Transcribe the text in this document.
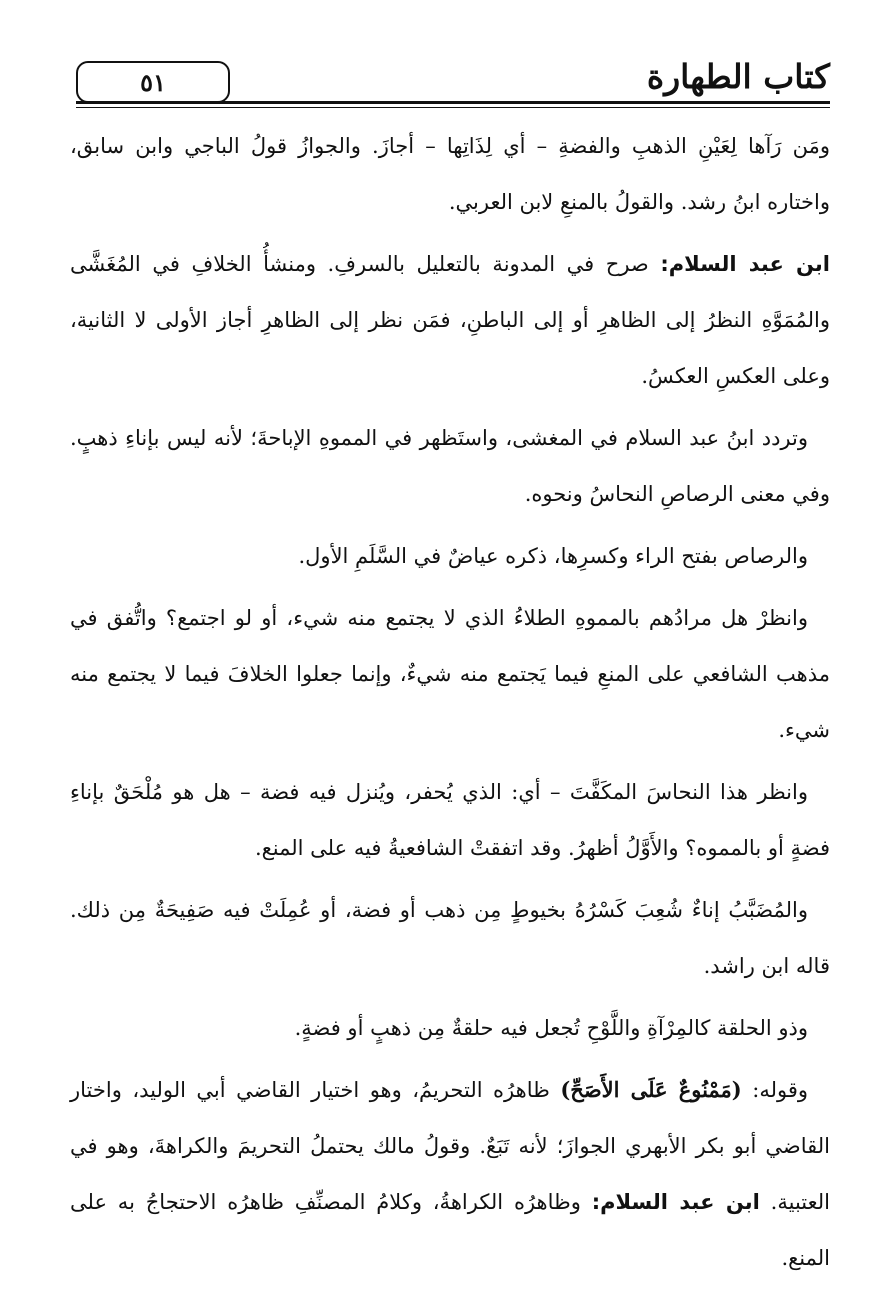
٥١	كتاب الطهارة

ومَن رَآها لِعَيْنِ الذهبِ والفضةِ – أي لِذَاتِها – أجازَ. والجوازُ قولُ الباجي وابن سابق، واختاره ابنُ رشد. والقولُ بالمنعِ لابن العربي.

ابن عبد السلام: صرح في المدونة بالتعليل بالسرفِ. ومنشأُ الخلافِ في المُغَشَّى والمُمَوَّهِ النظرُ إلى الظاهرِ أو إلى الباطنِ، فمَن نظر إلى الظاهرِ أجاز الأولى لا الثانية، وعلى العكسِ العكسُ.

وتردد ابنُ عبد السلام في المغشى، واستَظهر في المموهِ الإباحةَ؛ لأنه ليس بإناءِ ذهبٍ. وفي معنى الرصاصِ النحاسُ ونحوه.

والرصاص بفتح الراء وكسرِها، ذكره عياضٌ في السَّلَمِ الأول.

وانظرْ هل مرادُهم بالمموهِ الطلاءُ الذي لا يجتمع منه شيء، أو لو اجتمع؟ واتُّفق في مذهب الشافعي على المنعِ فيما يَجتمع منه شيءٌ، وإنما جعلوا الخلافَ فيما لا يجتمع منه شيء.

وانظر هذا النحاسَ المكَفَّتَ – أي: الذي يُحفر، ويُنزل فيه فضة – هل هو مُلْحَقٌ بإناءِ فضةٍ أو بالمموه؟ والأَوَّلُ أظهرُ. وقد اتفقتْ الشافعيةُ فيه على المنع.

والمُضَبَّبُ إناءٌ شُعِبَ كَسْرُهُ بخيوطٍ مِن ذهب أو فضة، أو عُمِلَتْ فيه صَفِيحَةٌ مِن ذلك. قاله ابن راشد.

وذو الحلقة كالمِرْآةِ واللَّوْحِ تُجعل فيه حلقةٌ مِن ذهبٍ أو فضةٍ.

وقوله: (مَمْنُوعٌ عَلَى الأَصَحِّ) ظاهرُه التحريمُ، وهو اختيار القاضي أبي الوليد، واختار القاضي أبو بكر الأبهري الجوازَ؛ لأنه تَبَعٌ. وقولُ مالك يحتملُ التحريمَ والكراهةَ، وهو في العتبية. ابن عبد السلام: وظاهرُه الكراهةُ، وكلامُ المصنِّفِ ظاهرُه الاحتجاجُ به على المنع.
